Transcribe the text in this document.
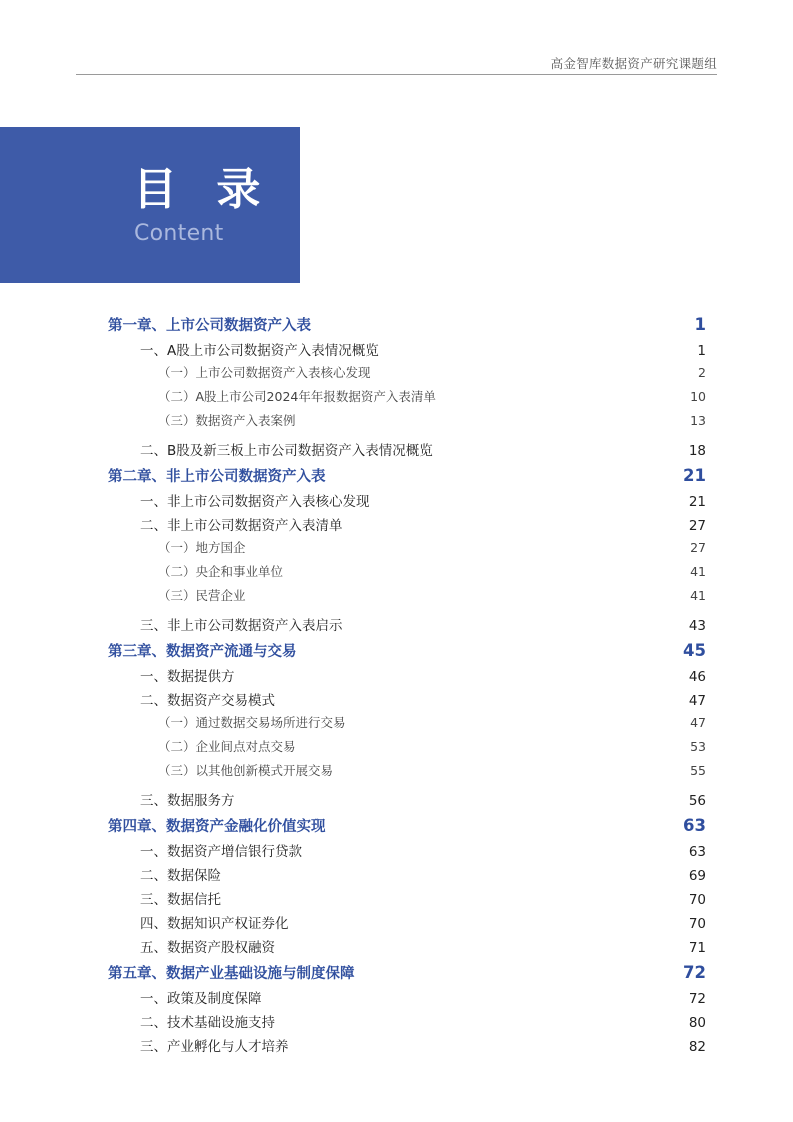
高金智库数据资产研究课题组
目 录
Content
第一章、上市公司数据资产入表	1
一、A股上市公司数据资产入表情况概览	1
（一）上市公司数据资产入表核心发现	2
（二）A股上市公司2024年年报数据资产入表清单	10
（三）数据资产入表案例	13
二、B股及新三板上市公司数据资产入表情况概览	18
第二章、非上市公司数据资产入表	21
一、非上市公司数据资产入表核心发现	21
二、非上市公司数据资产入表清单	27
（一）地方国企	27
（二）央企和事业单位	41
（三）民营企业	41
三、非上市公司数据资产入表启示	43
第三章、数据资产流通与交易	45
一、数据提供方	46
二、数据资产交易模式	47
（一）通过数据交易场所进行交易	47
（二）企业间点对点交易	53
（三）以其他创新模式开展交易	55
三、数据服务方	56
第四章、数据资产金融化价值实现	63
一、数据资产增信银行贷款	63
二、数据保险	69
三、数据信托	70
四、数据知识产权证券化	70
五、数据资产股权融资	71
第五章、数据产业基础设施与制度保障	72
一、政策及制度保障	72
二、技术基础设施支持	80
三、产业孵化与人才培养	82
